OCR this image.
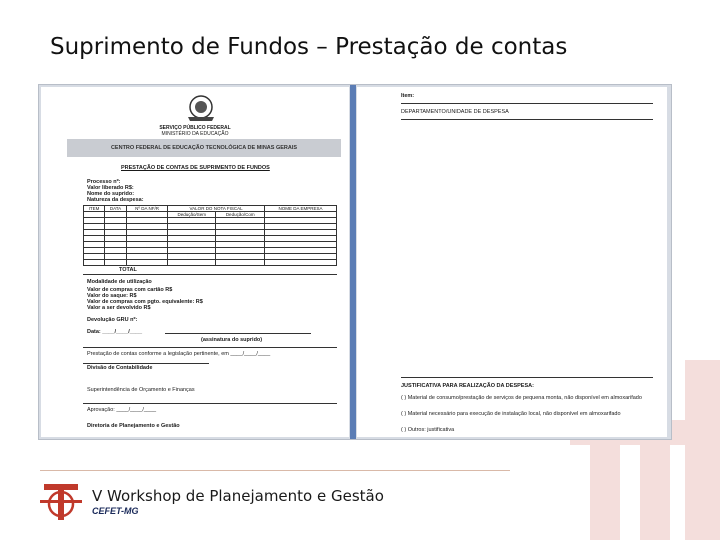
Suprimento de Fundos – Prestação de contas
SERVIÇO PÚBLICO FEDERAL
MINISTÉRIO DA EDUCAÇÃO
CENTRO FEDERAL DE EDUCAÇÃO TECNOLÓGICA DE MINAS GERAIS
PRESTAÇÃO DE CONTAS DE SUPRIMENTO DE FUNDOS
Processo nº:
Valor liberado R$:
Nome do suprido:
Natureza da despesa:
ITEM	DATA	Nº DA NF/R	VALOR DO NOTA FISCAL		NOME DA EMPRESA
			Dedução/Sem	Dedução/Com	

TOTAL
Modalidade de utilização
Valor de compras com cartão R$
Valor do saque: R$
Valor de compras com pgto. equivalente: R$
Valor a ser devolvido R$
Devolução GRU nº:
Data: ____/____/____
(assinatura do suprido)
Prestação de contas conforme a legislação pertinente, em ____/____/____
Divisão de Contabilidade
Superintendência de Orçamento e Finanças
Aprovação: ____/____/____
Diretoria de Planejamento e Gestão
Item:
DEPARTAMENTO/UNIDADE DE DESPESA
JUSTIFICATIVA PARA REALIZAÇÃO DA DESPESA:
( ) Material de consumo/prestação de serviços de pequena monta, não disponível em almoxarifado
( ) Material necessário para execução de instalação local, não disponível em almoxarifado
( ) Outros: justificativa
V Workshop de Planejamento e Gestão
CEFET-MG
